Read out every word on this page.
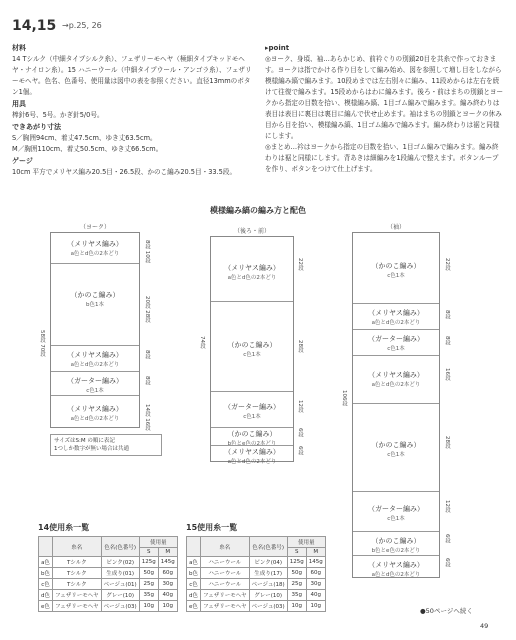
14,15 →p.25, 26
材料
14 Tシルク（中細タイプシルク糸）、フェザリーモヘヤ（極細タイプキッドモヘヤ・ナイロン糸）。15 ハニーウール（中細タイプウール・アンゴラ糸）、フェザリーモヘヤ。色名、色番号、使用量は図中の表を参照ください。直径13mmのボタン1個。
用具
棒針6号、5号。かぎ針5/0号。
できあがり寸法
S／胸囲94cm、着丈47.5cm、ゆき丈63.5cm。
M／胸囲110cm、着丈50.5cm、ゆき丈66.5cm。
ゲージ
10cm 平方でメリヤス編み20.5目・26.5段、かのこ編み20.5目・33.5段。
▸point
◎ヨーク、身頃、袖…あらかじめ、前衿ぐりの別鎖20目を共糸で作っておきます。ヨークは指でかける作り目をして編み始め、図を参照して増し目をしながら模様編み縞で編みます。10段めまでは左右別々に編み、11段めからは左右を続けて往復で編みます。15段めからはわに編みます。後ろ・前はまちの別鎖とヨークから指定の目数を拾い、模様編み縞、1目ゴム編みで編みます。編み終わりは表目は表目に裏目は裏目に編んで伏せ止めます。袖はまちの別鎖とヨークの休み目から目を拾い、模様編み縞、1目ゴム編みで編みます。編み終わりは裾と同様にします。
◎まとめ…衿はヨークから指定の目数を拾い、1目ゴム編みで編みます。編み終わりは裾と同様にします。背あきは細編みを1段編んで整えます。ボタンループを作り、ボタンをつけて仕上げます。
模様編み縞の編み方と配色
（ヨーク）
（メリヤス編み）
a色とd色の2本どり
（かのこ編み）
b色1本
（メリヤス編み）
a色とd色の2本どり
（ガーター編み）
c色1本
（メリヤス編み）
a色とd色の2本どり
8段 10段
20段 28段
8段
8段
14段 16段
58段 70段
サイズはS:M の順に表記
1つしか数字が無い場合は共通
（後ろ・前）
（メリヤス編み）
a色とd色の2本どり
（かのこ編み）
c色1本
（ガーター編み）
c色1本
（かのこ編み）
b色とe色の2本どり
（メリヤス編み）
a色とd色の2本どり
22段
28段
12段
6段
6段
74段
（袖）
（かのこ編み）
c色1本
（メリヤス編み）
a色とd色の2本どり
（ガーター編み）
c色1本
（メリヤス編み）
a色とd色の2本どり
（かのこ編み）
c色1本
（ガーター編み）
c色1本
（かのこ編み）
b色とe色の2本どり
（メリヤス編み）
a色とd色の2本どり
22段
8段
8段
16段
28段
12段
6段
6段
106段
14使用糸一覧
	糸名	色名(色番号)	使用量	
			S	M
a色	Tシルク	ピンク(02)	125g	145g
b色	Tシルク	生成り(01)	50g	60g
c色	Tシルク	ベージュ(01)	25g	30g
d色	フェザリーモヘヤ	グレー(10)	35g	40g
e色	フェザリーモヘヤ	ベージュ(03)	10g	10g
15使用糸一覧
	糸名	色名(色番号)	使用量	
			S	M
a色	ハニーウール	ピンク(04)	125g	145g
b色	ハニーウール	生成り(17)	50g	60g
c色	ハニーウール	ベージュ(18)	25g	30g
d色	フェザリーモヘヤ	グレー(10)	35g	40g
e色	フェザリーモヘヤ	ベージュ(03)	10g	10g
●50ページへ続く
49
